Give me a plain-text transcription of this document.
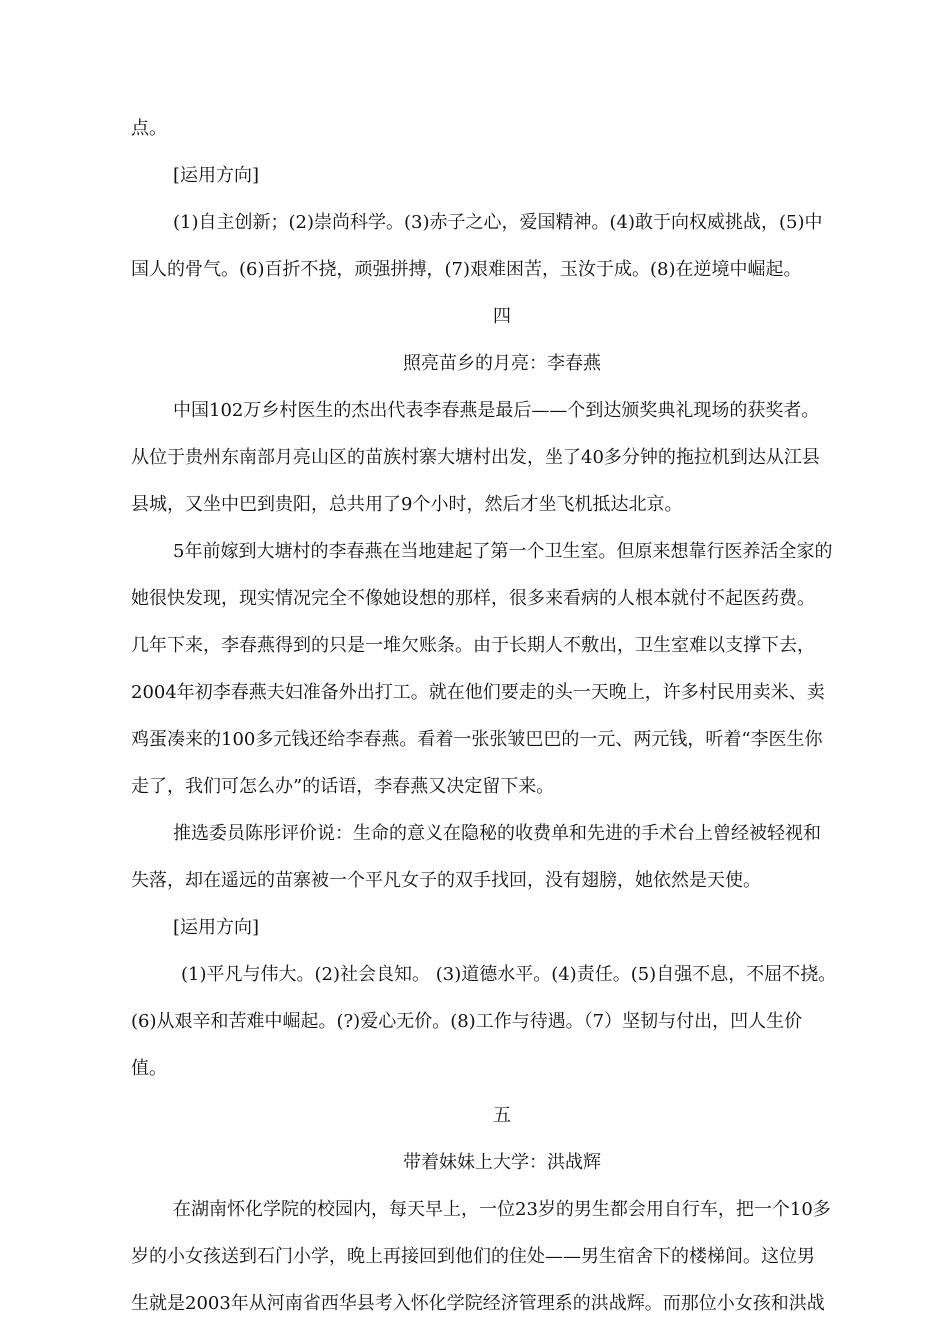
点。
[运用方向]
(1)自主创新；(2)崇尚科学。(3)赤子之心，爱国精神。(4)敢于向权威挑战，(5)中
国人的骨气。(6)百折不挠，顽强拼搏，(7)艰难困苦，玉汝于成。(8)在逆境中崛起。
四
照亮苗乡的月亮：李春燕
中国102万乡村医生的杰出代表李春燕是最后——个到达颁奖典礼现场的获奖者。
从位于贵州东南部月亮山区的苗族村寨大塘村出发，坐了40多分钟的拖拉机到达从江县
县城，又坐中巴到贵阳，总共用了9个小时，然后才坐飞机抵达北京。
5年前嫁到大塘村的李春燕在当地建起了第一个卫生室。但原来想靠行医养活全家的
她很快发现，现实情况完全不像她设想的那样，很多来看病的人根本就付不起医药费。
几年下来，李春燕得到的只是一堆欠账条。由于长期人不敷出，卫生室难以支撑下去，
2004年初李春燕夫妇准备外出打工。就在他们要走的头一天晚上，许多村民用卖米、卖
鸡蛋凑来的100多元钱还给李春燕。看着一张张皱巴巴的一元、两元钱，听着“李医生你
走了，我们可怎么办”的话语，李春燕又决定留下来。
推选委员陈彤评价说：生命的意义在隐秘的收费单和先进的手术台上曾经被轻视和
失落，却在遥远的苗寨被一个平凡女子的双手找回，没有翅膀，她依然是天使。
[运用方向]
(1)平凡与伟大。(2)社会良知。 (3)道德水平。(4)责任。(5)自强不息，不屈不挠。
(6)从艰辛和苦难中崛起。(?)爱心无价。(8)工作与待遇。（7）坚韧与付出，凹人生价
值。
五
带着妹妹上大学：洪战辉
在湖南怀化学院的校园内，每天早上，一位23岁的男生都会用自行车，把一个10多
岁的小女孩送到石门小学，晚上再接回到他们的住处——男生宿舍下的楼梯间。这位男
生就是2003年从河南省西华县考入怀化学院经济管理系的洪战辉。而那位小女孩和洪战
